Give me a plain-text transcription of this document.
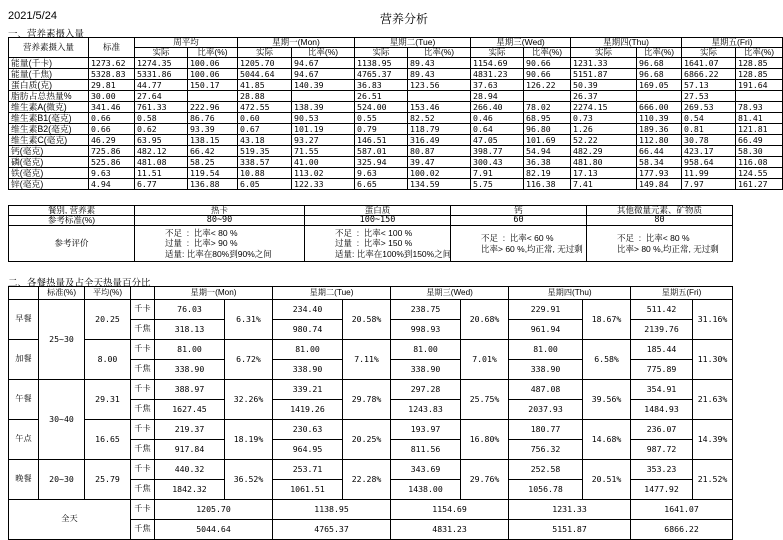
2021/5/24	营养分析
一、营养素摄入量
营养素摄入量	标准	周平均		星期一(Mon)		星期二(Tue)		星期三(Wed)		星期四(Thu)		星期五(Fri)	
		实际	比率(%)	实际	比率(%)	实际	比率(%)	实际	比率(%)	实际	比率(%)	实际	比率(%)
能量(千卡)	1273.62	1274.35	100.06	1205.70	94.67	1138.95	89.43	1154.69	90.66	1231.33	96.68	1641.07	128.85
能量(千焦)	5328.83	5331.86	100.06	5044.64	94.67	4765.37	89.43	4831.23	90.66	5151.87	96.68	6866.22	128.85
蛋白质(克)	29.81	44.77	150.17	41.85	140.39	36.83	123.56	37.63	126.22	50.39	169.05	57.13	191.64
脂肪占总热量%	30.00	27.64		28.88		26.51		28.94		26.37		27.53	
维生素A(微克)	341.46	761.33	222.96	472.55	138.39	524.00	153.46	266.40	78.02	2274.15	666.00	269.53	78.93
维生素B1(毫克)	0.66	0.58	86.76	0.60	90.53	0.55	82.52	0.46	68.95	0.73	110.39	0.54	81.41
维生素B2(毫克)	0.66	0.62	93.39	0.67	101.19	0.79	118.79	0.64	96.80	1.26	189.36	0.81	121.81
维生素C(毫克)	46.29	63.95	138.15	43.18	93.27	146.51	316.49	47.05	101.69	52.22	112.80	30.78	66.49
钙(毫克)	725.86	482.12	66.42	519.35	71.55	587.01	80.87	398.77	54.94	482.29	66.44	423.17	58.30
磷(毫克)	525.86	481.08	58.25	338.57	41.00	325.94	39.47	300.43	36.38	481.80	58.34	958.64	116.08
铁(毫克)	9.63	11.51	119.54	10.88	113.02	9.63	100.02	7.91	82.19	17.13	177.93	11.99	124.55
锌(毫克)	4.94	6.77	136.88	6.05	122.33	6.65	134.59	5.75	116.38	7.41	149.84	7.97	161.27
餐别, 营养素	热卡	蛋白质	钙	其他微量元素、矿物质
参考标准(%)	80~90	100~150	60	80
参考评价	不足  :  比率< 80 %
过量  :  比率> 90 %
适量: 比率在80%到90%之间	不足  :  比率< 100 %
过量  :  比率> 150 %
适量: 比率在100%到150%之间	不足  :  比率< 60 %
比率> 60 %,均正常, 无过剩	不足  :  比率< 80 %
比率> 80 %,均正常, 无过剩
二、各餐热量及占全天热量百分比
	标准(%)	平均(%)		星期一(Mon)		星期二(Tue)		星期三(Wed)		星期四(Thu)		星期五(Fri)	
早餐	25~30	20.25	千卡	76.03	6.31%	234.40	20.58%	238.75	20.68%	229.91	18.67%	511.42	31.16%
			千焦	318.13		980.74		998.93		961.94		2139.76	
加餐		8.00	千卡	81.00	6.72%	81.00	7.11%	81.00	7.01%	81.00	6.58%	185.44	11.30%
			千焦	338.90		338.90		338.90		338.90		775.89	
午餐	30~40	29.31	千卡	388.97	32.26%	339.21	29.78%	297.28	25.75%	487.08	39.56%	354.91	21.63%
			千焦	1627.45		1419.26		1243.83		2037.93		1484.93	
午点		16.65	千卡	219.37	18.19%	230.63	20.25%	193.97	16.80%	180.77	14.68%	236.07	14.39%
			千焦	917.84		964.95		811.56		756.32		987.72	
晚餐	20~30	25.79	千卡	440.32	36.52%	253.71	22.28%	343.69	29.76%	252.58	20.51%	353.23	21.52%
			千焦	1842.32		1061.51		1438.00		1056.78		1477.92	
全天			千卡	1205.70		1138.95		1154.69		1231.33		1641.07	
			千焦	5044.64		4765.37		4831.23		5151.87		6866.22	
